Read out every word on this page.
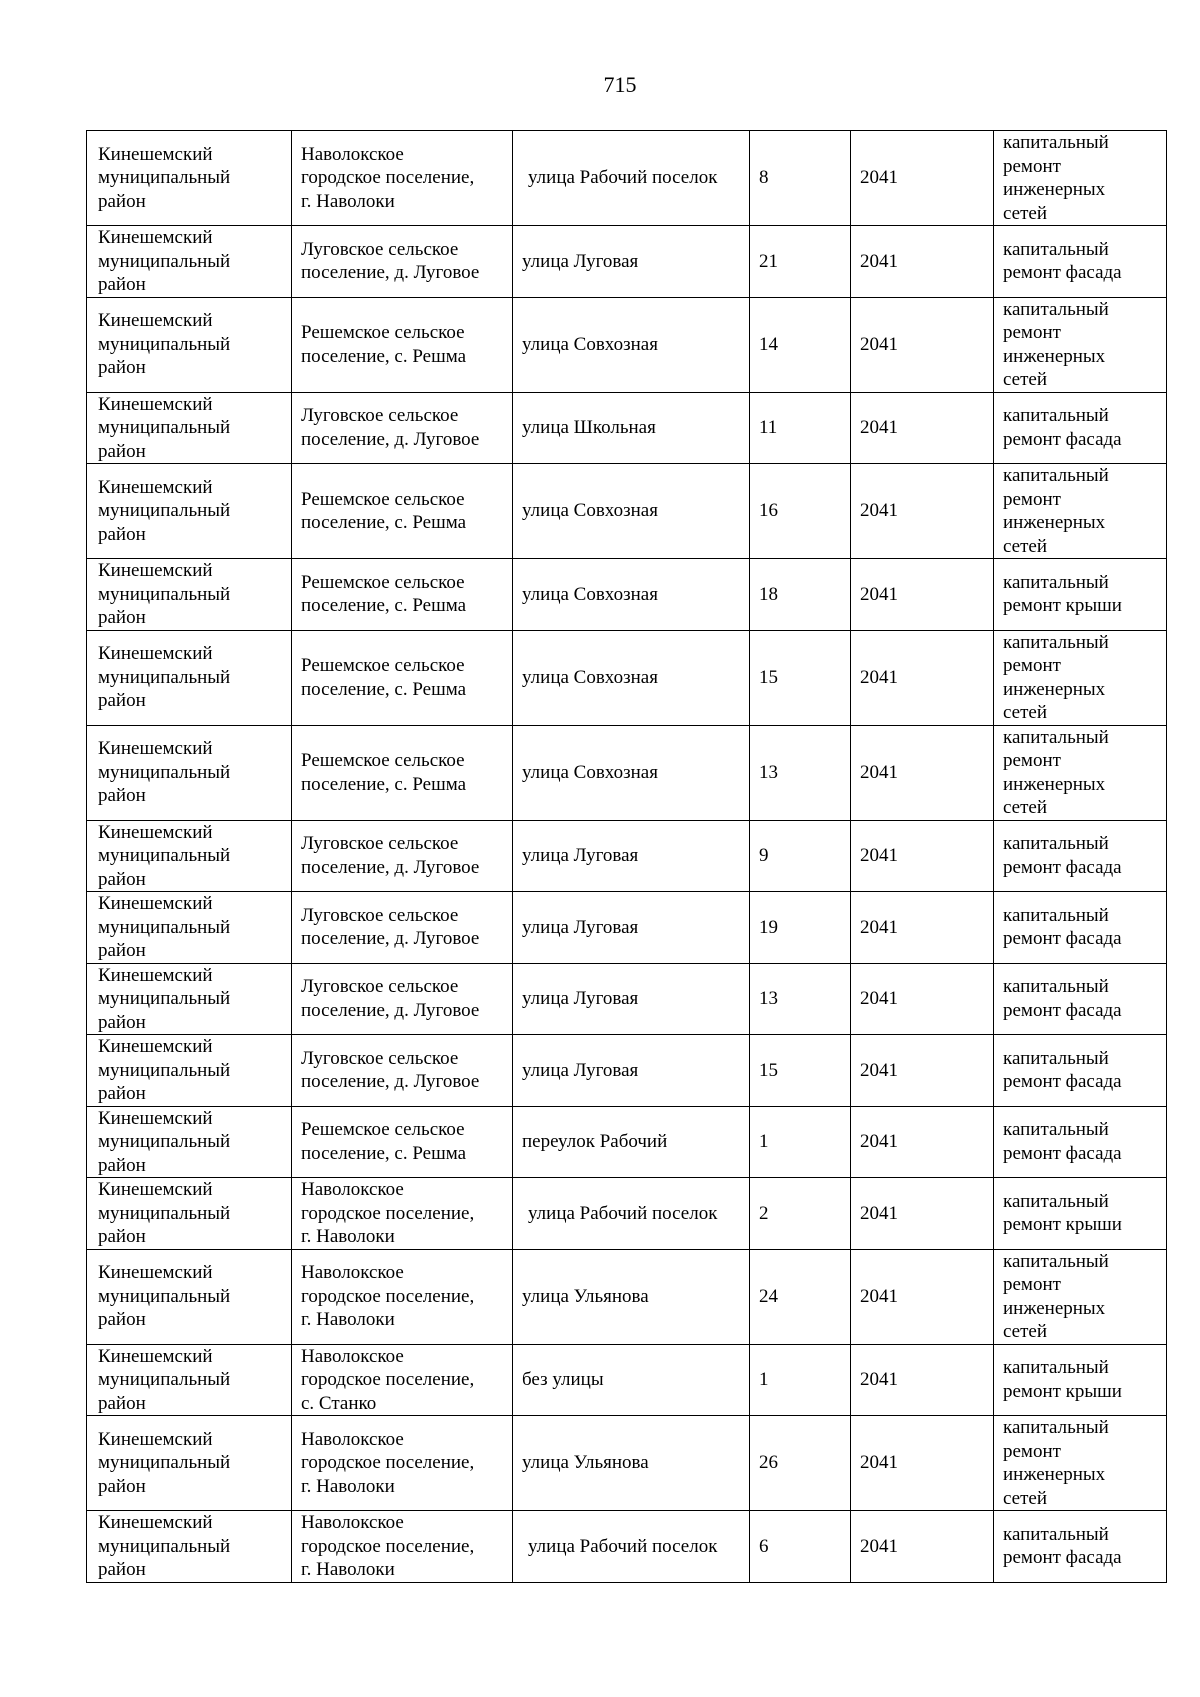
715
Кинешемский
муниципальный
район	Наволокское
городское поселение,
г. Наволоки	улица Рабочий поселок	8	2041	капитальный
ремонт
инженерных
сетей
Кинешемский
муниципальный
район	Луговское сельское
поселение, д. Луговое	улица Луговая	21	2041	капитальный
ремонт фасада
Кинешемский
муниципальный
район	Решемское сельское
поселение, с. Решма	улица Совхозная	14	2041	капитальный
ремонт
инженерных
сетей
Кинешемский
муниципальный
район	Луговское сельское
поселение, д. Луговое	улица Школьная	11	2041	капитальный
ремонт фасада
Кинешемский
муниципальный
район	Решемское сельское
поселение, с. Решма	улица Совхозная	16	2041	капитальный
ремонт
инженерных
сетей
Кинешемский
муниципальный
район	Решемское сельское
поселение, с. Решма	улица Совхозная	18	2041	капитальный
ремонт крыши
Кинешемский
муниципальный
район	Решемское сельское
поселение, с. Решма	улица Совхозная	15	2041	капитальный
ремонт
инженерных
сетей
Кинешемский
муниципальный
район	Решемское сельское
поселение, с. Решма	улица Совхозная	13	2041	капитальный
ремонт
инженерных
сетей
Кинешемский
муниципальный
район	Луговское сельское
поселение, д. Луговое	улица Луговая	9	2041	капитальный
ремонт фасада
Кинешемский
муниципальный
район	Луговское сельское
поселение, д. Луговое	улица Луговая	19	2041	капитальный
ремонт фасада
Кинешемский
муниципальный
район	Луговское сельское
поселение, д. Луговое	улица Луговая	13	2041	капитальный
ремонт фасада
Кинешемский
муниципальный
район	Луговское сельское
поселение, д. Луговое	улица Луговая	15	2041	капитальный
ремонт фасада
Кинешемский
муниципальный
район	Решемское сельское
поселение, с. Решма	переулок Рабочий	1	2041	капитальный
ремонт фасада
Кинешемский
муниципальный
район	Наволокское
городское поселение,
г. Наволоки	улица Рабочий поселок	2	2041	капитальный
ремонт крыши
Кинешемский
муниципальный
район	Наволокское
городское поселение,
г. Наволоки	улица Ульянова	24	2041	капитальный
ремонт
инженерных
сетей
Кинешемский
муниципальный
район	Наволокское
городское поселение,
с. Станко	без улицы	1	2041	капитальный
ремонт крыши
Кинешемский
муниципальный
район	Наволокское
городское поселение,
г. Наволоки	улица Ульянова	26	2041	капитальный
ремонт
инженерных
сетей
Кинешемский
муниципальный
район	Наволокское
городское поселение,
г. Наволоки	улица Рабочий поселок	6	2041	капитальный
ремонт фасада
